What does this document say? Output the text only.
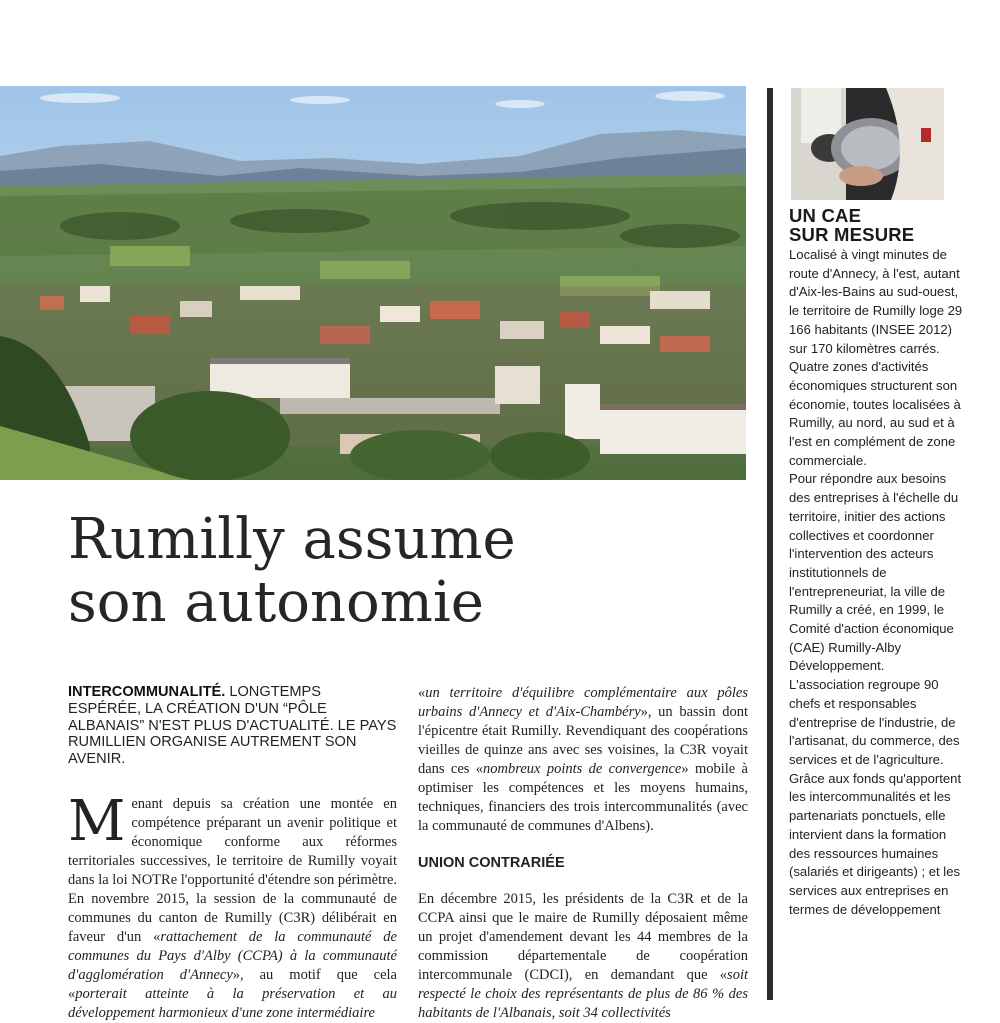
UN CAE
SUR MESURE

Localisé à vingt minutes de route d'Annecy, à l'est, autant d'Aix-les-Bains au sud-ouest, le territoire de Rumilly loge 29 166 habitants (INSEE 2012) sur 170 kilomètres carrés. Quatre zones d'activités économiques structurent son économie, toutes localisées à Rumilly, au nord, au sud et à l'est en complément de zone commerciale.

Pour répondre aux besoins des entreprises à l'échelle du territoire, initier des actions collectives et coordonner l'intervention des acteurs institutionnels de l'entrepreneuriat, la ville de Rumilly a créé, en 1999, le Comité d'action économique (CAE) Rumilly-Alby Développement.

L'association regroupe 90 chefs et responsables d'entreprise de l'industrie, de l'artisanat, du commerce, des services et de l'agriculture. Grâce aux fonds qu'apportent les intercommunalités et les partenariats ponctuels, elle intervient dans la formation des ressources humaines (salariés et dirigeants) ; et les services aux entreprises en termes de développement

Rumilly assume
son autonomie
INTERCOMMUNALITÉ. LONGTEMPS ESPÉRÉE, LA CRÉATION D'UN “PÔLE ALBANAIS” N'EST PLUS D'ACTUALITÉ. LE PAYS RUMILLIEN ORGANISE AUTREMENT SON AVENIR.
M enant depuis sa création une montée en compétence préparant un avenir politique et économique conforme aux réformes territoriales successives, le territoire de Rumilly voyait dans la loi NOTRe l'opportunité d'étendre son périmètre. En novembre 2015, la session de la communauté de communes du canton de Rumilly (C3R) délibérait en faveur d'un «rattachement de la communauté de communes du Pays d'Alby (CCPA) à la communauté d'agglomération d'Annecy», au motif que cela «porterait atteinte à la préservation et au développement harmonieux d'une zone intermédiaire

«un territoire d'équilibre complémentaire aux pôles urbains d'Annecy et d'Aix-Chambéry», un bassin dont l'épicentre était Rumilly. Revendiquant des coopérations vieilles de quinze ans avec ses voisines, la C3R voyait dans ces «nombreux points de convergence» mobile à optimiser les compétences et les moyens humains, techniques, financiers des trois intercommunalités (avec la communauté de communes d'Albens).

UNION CONTRARIÉE

En décembre 2015, les présidents de la C3R et de la CCPA ainsi que le maire de Rumilly déposaient même un projet d'amendement devant les 44 membres de la commission départementale de coopération intercommunale (CDCI), en demandant que «soit respecté le choix des représentants de plus de 86 % des habitants de l'Albanais, soit 34 collectivités
